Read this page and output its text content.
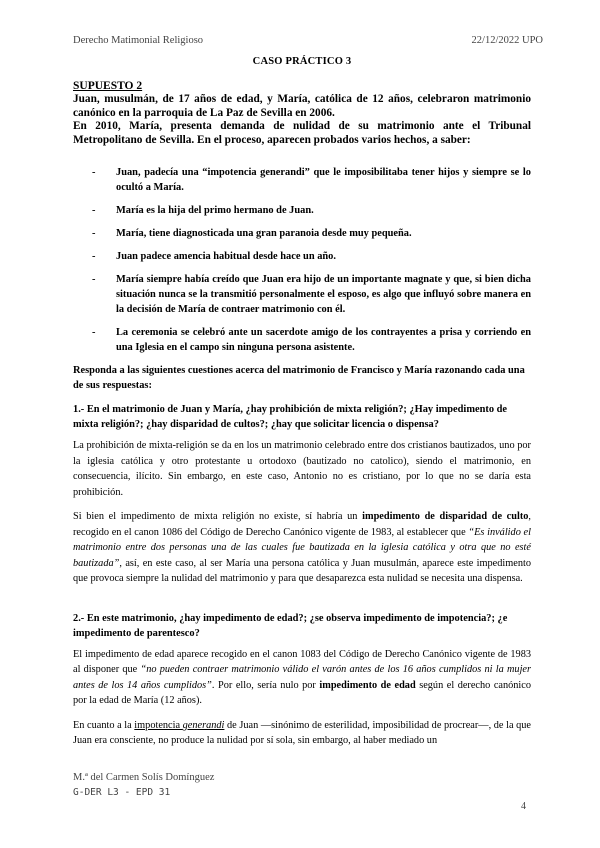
Derecho Matimonial Religioso	22/12/2022 UPO

CASO PRÁCTICO 3

SUPUESTO 2

Juan, musulmán, de 17 años de edad, y María, católica de 12 años, celebraron matrimonio canónico en la parroquia de La Paz de Sevilla en 2006.

En 2010, María, presenta demanda de nulidad de su matrimonio ante el Tribunal Metropolitano de Sevilla. En el proceso, aparecen probados varios hechos, a saber:

- Juan, padecía una “impotencia generandi” que le imposibilitaba tener hijos y siempre se lo ocultó a María.
- María es la hija del primo hermano de Juan.
- María, tiene diagnosticada una gran paranoia desde muy pequeña.
- Juan padece amencia habitual desde hace un año.
- María siempre había creído que Juan era hijo de un importante magnate y que, si bien dicha situación nunca se la transmitió personalmente el esposo, es algo que influyó sobre manera en la decisión de María de contraer matrimonio con él.
- La ceremonia se celebró ante un sacerdote amigo de los contrayentes a prisa y corriendo en una Iglesia en el campo sin ninguna persona asistente.

Responda a las siguientes cuestiones acerca del matrimonio de Francisco y María razonando cada una de sus respuestas:

1.- En el matrimonio de Juan y María, ¿hay prohibición de mixta religión?; ¿Hay impedimento de mixta religión?; ¿hay disparidad de cultos?; ¿hay que solicitar licencia o dispensa?

La prohibición de mixta-religión se da en los un matrimonio celebrado entre dos cristianos bautizados, uno por la iglesia católica y otro protestante u ortodoxo (bautizado no catolico), siendo el matrimonio, en consecuencia, ilícito. Sin embargo, en este caso, Antonio no es cristiano, por lo que no se daría esta prohibición.

Si bien el impedimento de mixta religión no existe, sí habría un impedimento de disparidad de culto, recogido en el canon 1086 del Código de Derecho Canónico vigente de 1983, al establecer que “Es inválido el matrimonio entre dos personas una de las cuales fue bautizada en la iglesia católica y otra que no esté bautizada”, así, en este caso, al ser María una persona católica y Juan musulmán, aparece este impedimento que provoca siempre la nulidad del matrimonio y para que desaparezca esta nulidad se necesita una dispensa.

2.- En este matrimonio, ¿hay impedimento de edad?; ¿se observa impedimento de impotencia?; ¿e impedimento de parentesco?

El impedimento de edad aparece recogido en el canon 1083 del Código de Derecho Canónico vigente de 1983 al disponer que “no pueden contraer matrimonio válido el varón antes de los 16 años cumplidos ni la mujer antes de los 14 años cumplidos”. Por ello, sería nulo por impedimento de edad según el derecho canónico por la edad de María (12 años).

En cuanto a la impotencia generandi de Juan —sinónimo de esterilidad, imposibilidad de procrear—, de la que Juan era consciente, no produce la nulidad por sí sola, sin embargo, al haber mediado un

M.ª del Carmen Solís Domínguez
G-DER L3 - EPD 31
4
